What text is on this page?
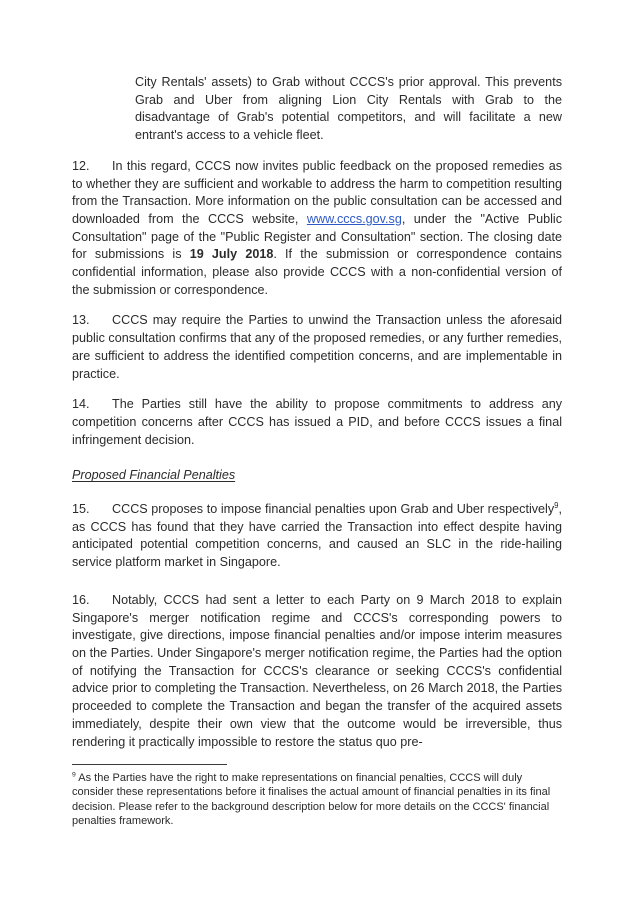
City Rentals' assets) to Grab without CCCS's prior approval. This prevents Grab and Uber from aligning Lion City Rentals with Grab to the disadvantage of Grab's potential competitors, and will facilitate a new entrant's access to a vehicle fleet.

12. In this regard, CCCS now invites public feedback on the proposed remedies as to whether they are sufficient and workable to address the harm to competition resulting from the Transaction. More information on the public consultation can be accessed and downloaded from the CCCS website, www.cccs.gov.sg, under the "Active Public Consultation" page of the "Public Register and Consultation" section. The closing date for submissions is 19 July 2018. If the submission or correspondence contains confidential information, please also provide CCCS with a non-confidential version of the submission or correspondence.

13. CCCS may require the Parties to unwind the Transaction unless the aforesaid public consultation confirms that any of the proposed remedies, or any further remedies, are sufficient to address the identified competition concerns, and are implementable in practice.

14. The Parties still have the ability to propose commitments to address any competition concerns after CCCS has issued a PID, and before CCCS issues a final infringement decision.

Proposed Financial Penalties

15. CCCS proposes to impose financial penalties upon Grab and Uber respectively$^9$, as CCCS has found that they have carried the Transaction into effect despite having anticipated potential competition concerns, and caused an SLC in the ride-hailing service platform market in Singapore.

16. Notably, CCCS had sent a letter to each Party on 9 March 2018 to explain Singapore's merger notification regime and CCCS's corresponding powers to investigate, give directions, impose financial penalties and/or impose interim measures on the Parties. Under Singapore's merger notification regime, the Parties had the option of notifying the Transaction for CCCS's clearance or seeking CCCS's confidential advice prior to completing the Transaction. Nevertheless, on 26 March 2018, the Parties proceeded to complete the Transaction and began the transfer of the acquired assets immediately, despite their own view that the outcome would be irreversible, thus rendering it practically impossible to restore the status quo pre-

$^9$ As the Parties have the right to make representations on financial penalties, CCCS will duly consider these representations before it finalises the actual amount of financial penalties in its final decision. Please refer to the background description below for more details on the CCCS' financial penalties framework.
